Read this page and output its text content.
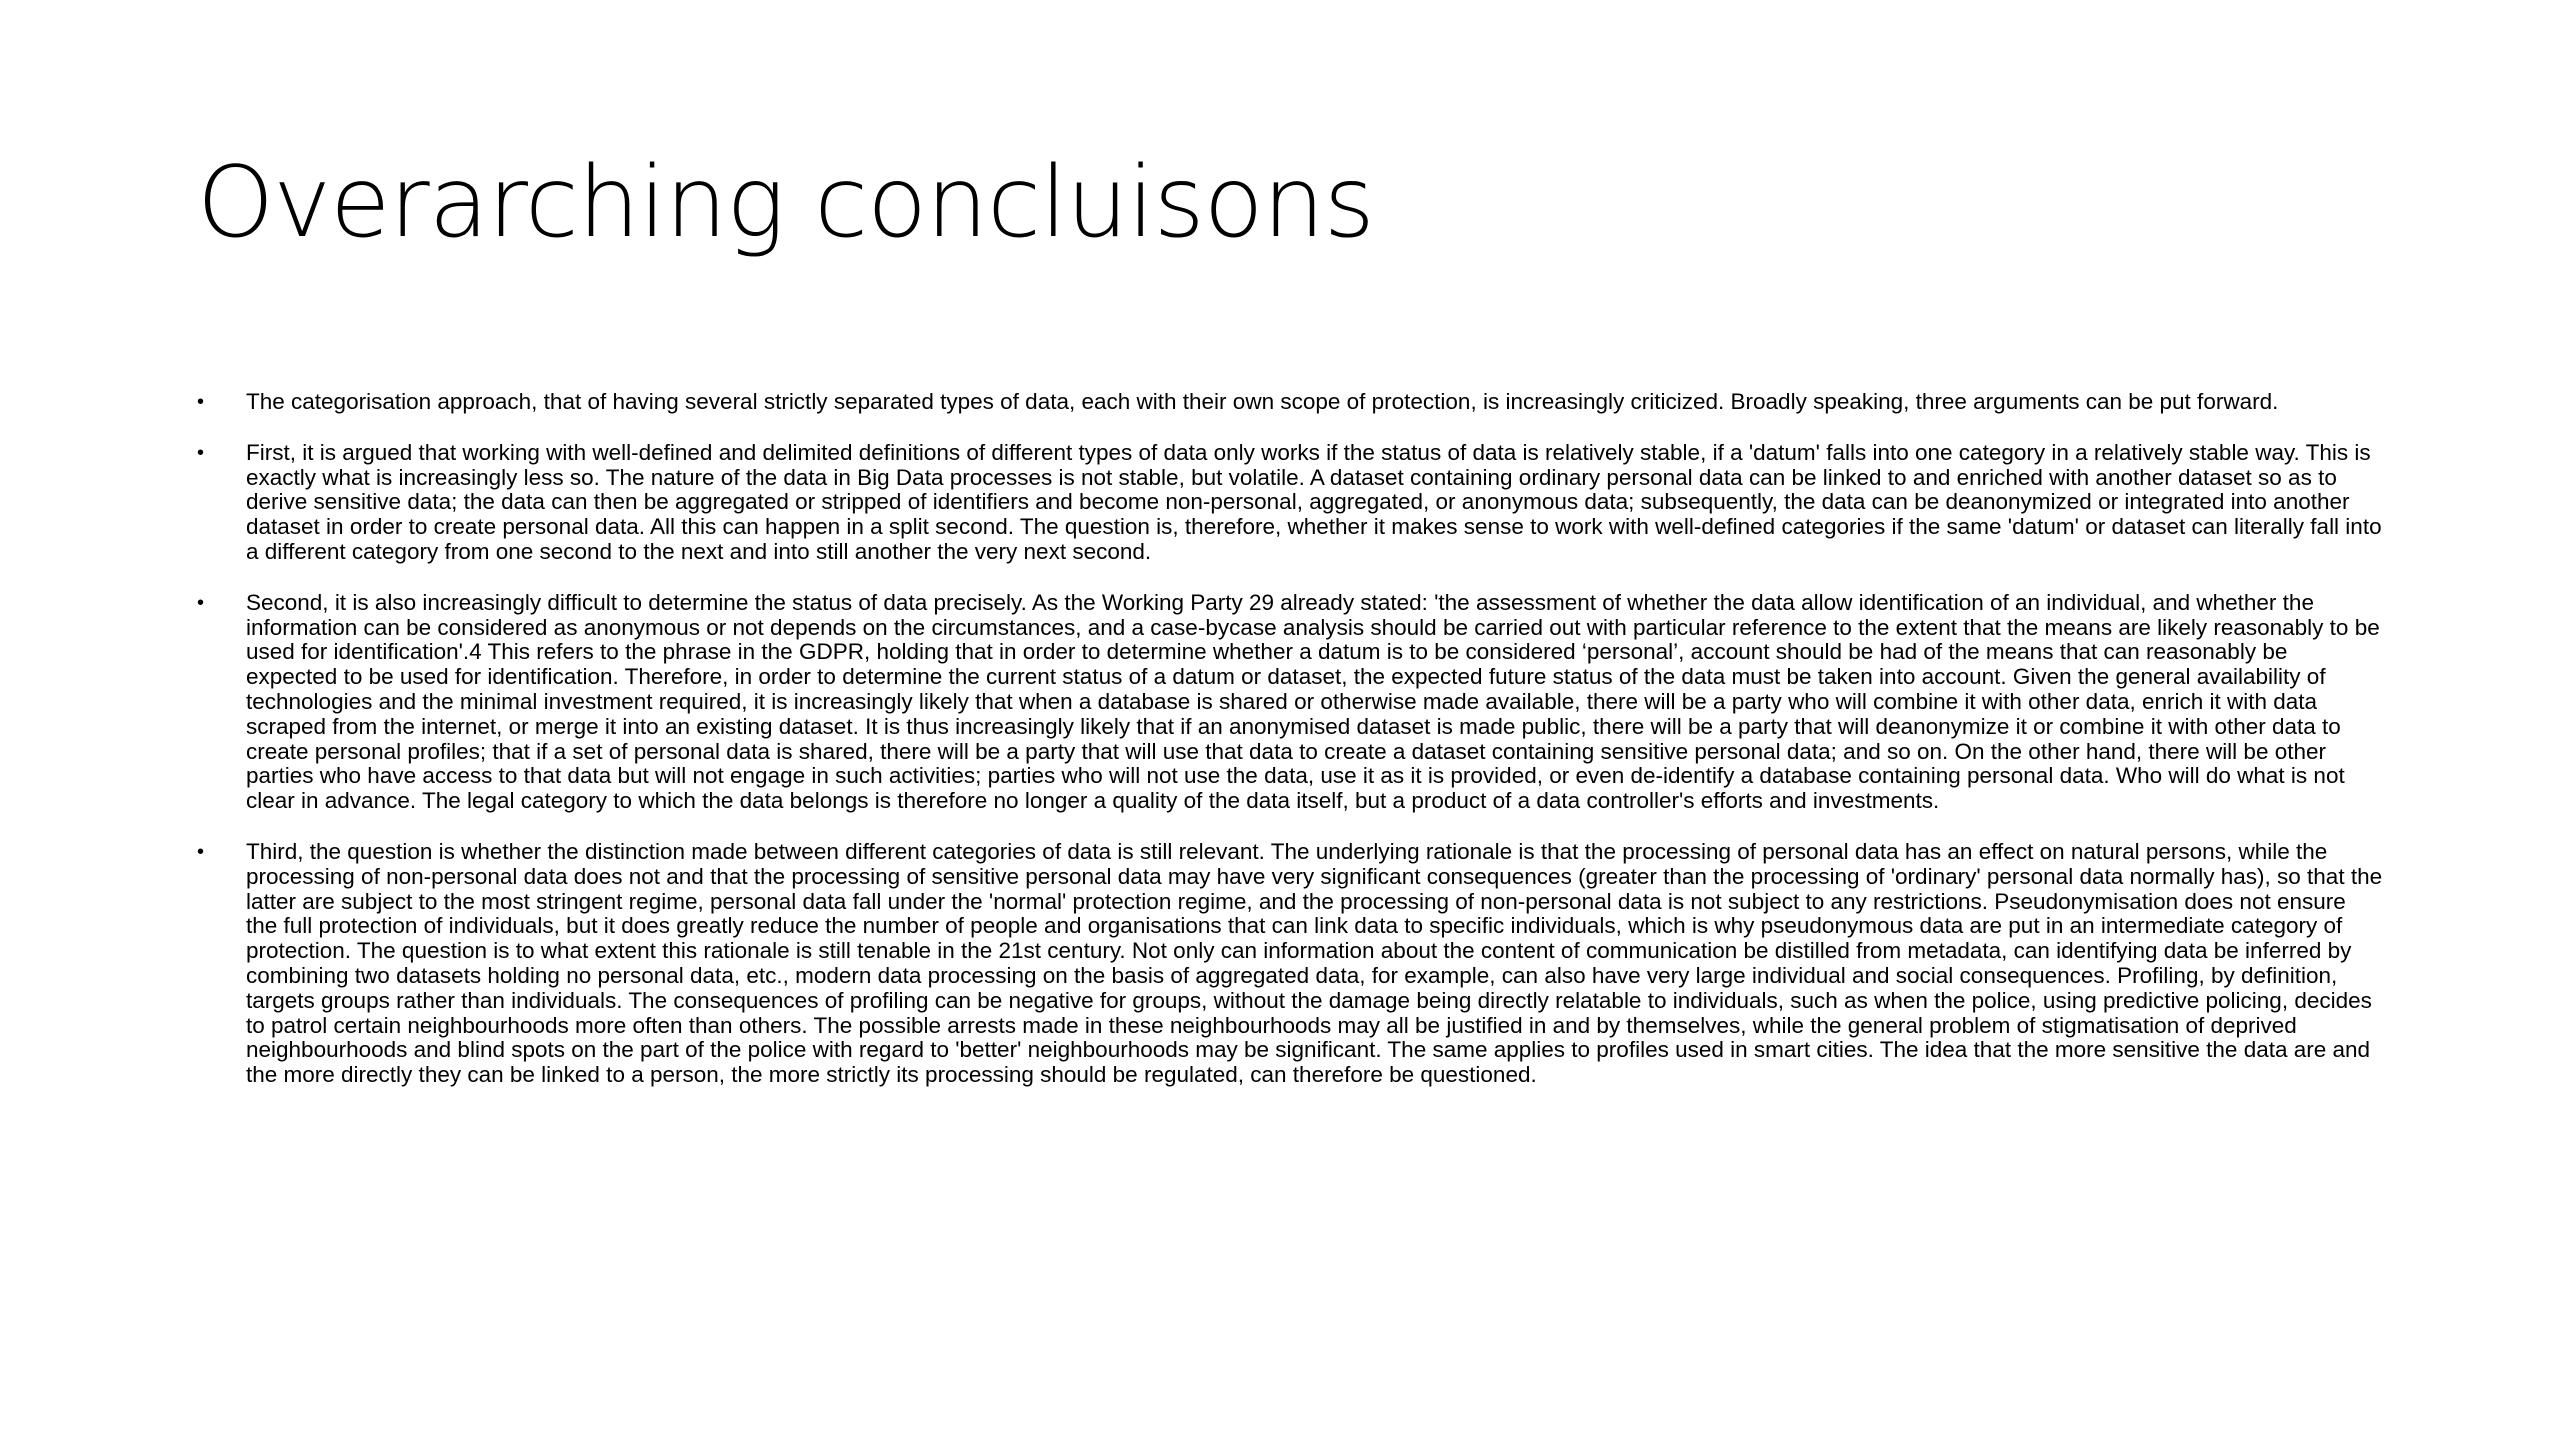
Overarching concluisons
•	The categorisation approach, that of having several strictly separated types of data, each with their own scope of protection, is increasingly criticized. Broadly speaking, three arguments can be put forward.
•	First, it is argued that working with well-defined and delimited definitions of different types of data only works if the status of data is relatively stable, if a 'datum' falls into one category in a relatively stable way. This is exactly what is increasingly less so. The nature of the data in Big Data processes is not stable, but volatile. A dataset containing ordinary personal data can be linked to and enriched with another dataset so as to derive sensitive data; the data can then be aggregated or stripped of identifiers and become non-personal, aggregated, or anonymous data; subsequently, the data can be deanonymized or integrated into another dataset in order to create personal data. All this can happen in a split second. The question is, therefore, whether it makes sense to work with well-defined categories if the same 'datum' or dataset can literally fall into a different category from one second to the next and into still another the very next second.
•	Second, it is also increasingly difficult to determine the status of data precisely. As the Working Party 29 already stated: 'the assessment of whether the data allow identification of an individual, and whether the information can be considered as anonymous or not depends on the circumstances, and a case-bycase analysis should be carried out with particular reference to the extent that the means are likely reasonably to be used for identification'.4 This refers to the phrase in the GDPR, holding that in order to determine whether a datum is to be considered ‘personal’, account should be had of the means that can reasonably be expected to be used for identification. Therefore, in order to determine the current status of a datum or dataset, the expected future status of the data must be taken into account. Given the general availability of technologies and the minimal investment required, it is increasingly likely that when a database is shared or otherwise made available, there will be a party who will combine it with other data, enrich it with data scraped from the internet, or merge it into an existing dataset. It is thus increasingly likely that if an anonymised dataset is made public, there will be a party that will deanonymize it or combine it with other data to create personal profiles; that if a set of personal data is shared, there will be a party that will use that data to create a dataset containing sensitive personal data; and so on. On the other hand, there will be other parties who have access to that data but will not engage in such activities; parties who will not use the data, use it as it is provided, or even de-identify a database containing personal data. Who will do what is not clear in advance. The legal category to which the data belongs is therefore no longer a quality of the data itself, but a product of a data controller's efforts and investments.
•	Third, the question is whether the distinction made between different categories of data is still relevant. The underlying rationale is that the processing of personal data has an effect on natural persons, while the processing of non-personal data does not and that the processing of sensitive personal data may have very significant consequences (greater than the processing of 'ordinary' personal data normally has), so that the latter are subject to the most stringent regime, personal data fall under the 'normal' protection regime, and the processing of non-personal data is not subject to any restrictions. Pseudonymisation does not ensure the full protection of individuals, but it does greatly reduce the number of people and organisations that can link data to specific individuals, which is why pseudonymous data are put in an intermediate category of protection. The question is to what extent this rationale is still tenable in the 21st century. Not only can information about the content of communication be distilled from metadata, can identifying data be inferred by combining two datasets holding no personal data, etc., modern data processing on the basis of aggregated data, for example, can also have very large individual and social consequences. Profiling, by definition, targets groups rather than individuals. The consequences of profiling can be negative for groups, without the damage being directly relatable to individuals, such as when the police, using predictive policing, decides to patrol certain neighbourhoods more often than others. The possible arrests made in these neighbourhoods may all be justified in and by themselves, while the general problem of stigmatisation of deprived neighbourhoods and blind spots on the part of the police with regard to 'better' neighbourhoods may be significant. The same applies to profiles used in smart cities. The idea that the more sensitive the data are and the more directly they can be linked to a person, the more strictly its processing should be regulated, can therefore be questioned.
